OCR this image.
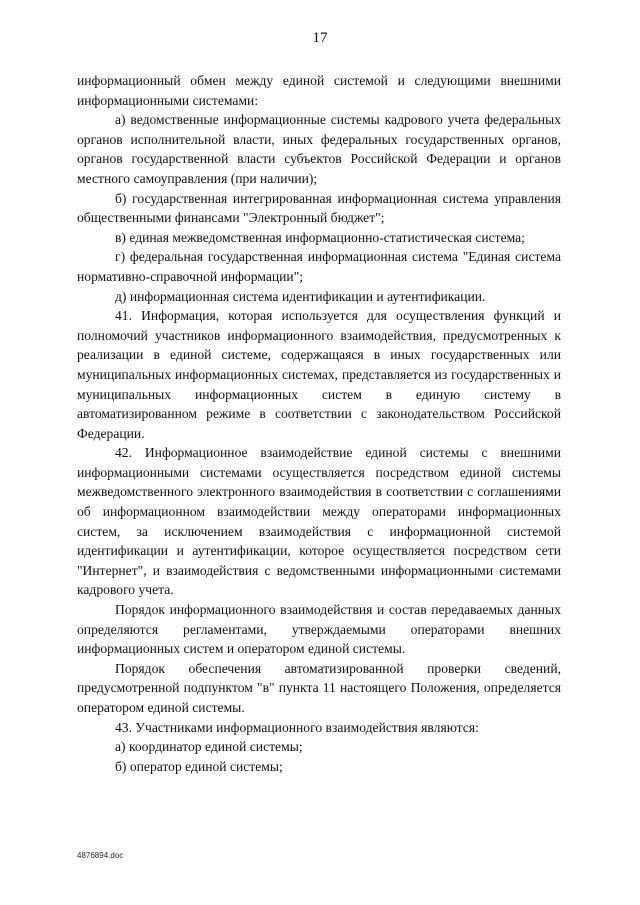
17

информационный обмен между единой системой и следующими внешними информационными системами:

а) ведомственные информационные системы кадрового учета федеральных органов исполнительной власти, иных федеральных государственных органов, органов государственной власти субъектов Российской Федерации и органов местного самоуправления (при наличии);

б) государственная интегрированная информационная система управления общественными финансами "Электронный бюджет";

в) единая межведомственная информационно-статистическая система;

г) федеральная государственная информационная система "Единая система нормативно-справочной информации";

д) информационная система идентификации и аутентификации.

41. Информация, которая используется для осуществления функций и полномочий участников информационного взаимодействия, предусмотренных к реализации в единой системе, содержащаяся в иных государственных или муниципальных информационных системах, представляется из государственных и муниципальных информационных систем в единую систему в автоматизированном режиме в соответствии с законодательством Российской Федерации.

42. Информационное взаимодействие единой системы с внешними информационными системами осуществляется посредством единой системы межведомственного электронного взаимодействия в соответствии с соглашениями об информационном взаимодействии между операторами информационных систем, за исключением взаимодействия с информационной системой идентификации и аутентификации, которое осуществляется посредством сети "Интернет", и взаимодействия с ведомственными информационными системами кадрового учета.

Порядок информационного взаимодействия и состав передаваемых данных определяются регламентами, утверждаемыми операторами внешних информационных систем и оператором единой системы.

Порядок обеспечения автоматизированной проверки сведений, предусмотренной подпунктом "в" пункта 11 настоящего Положения, определяется оператором единой системы.

43. Участниками информационного взаимодействия являются:

а) координатор единой системы;

б) оператор единой системы;

4876894.doc
